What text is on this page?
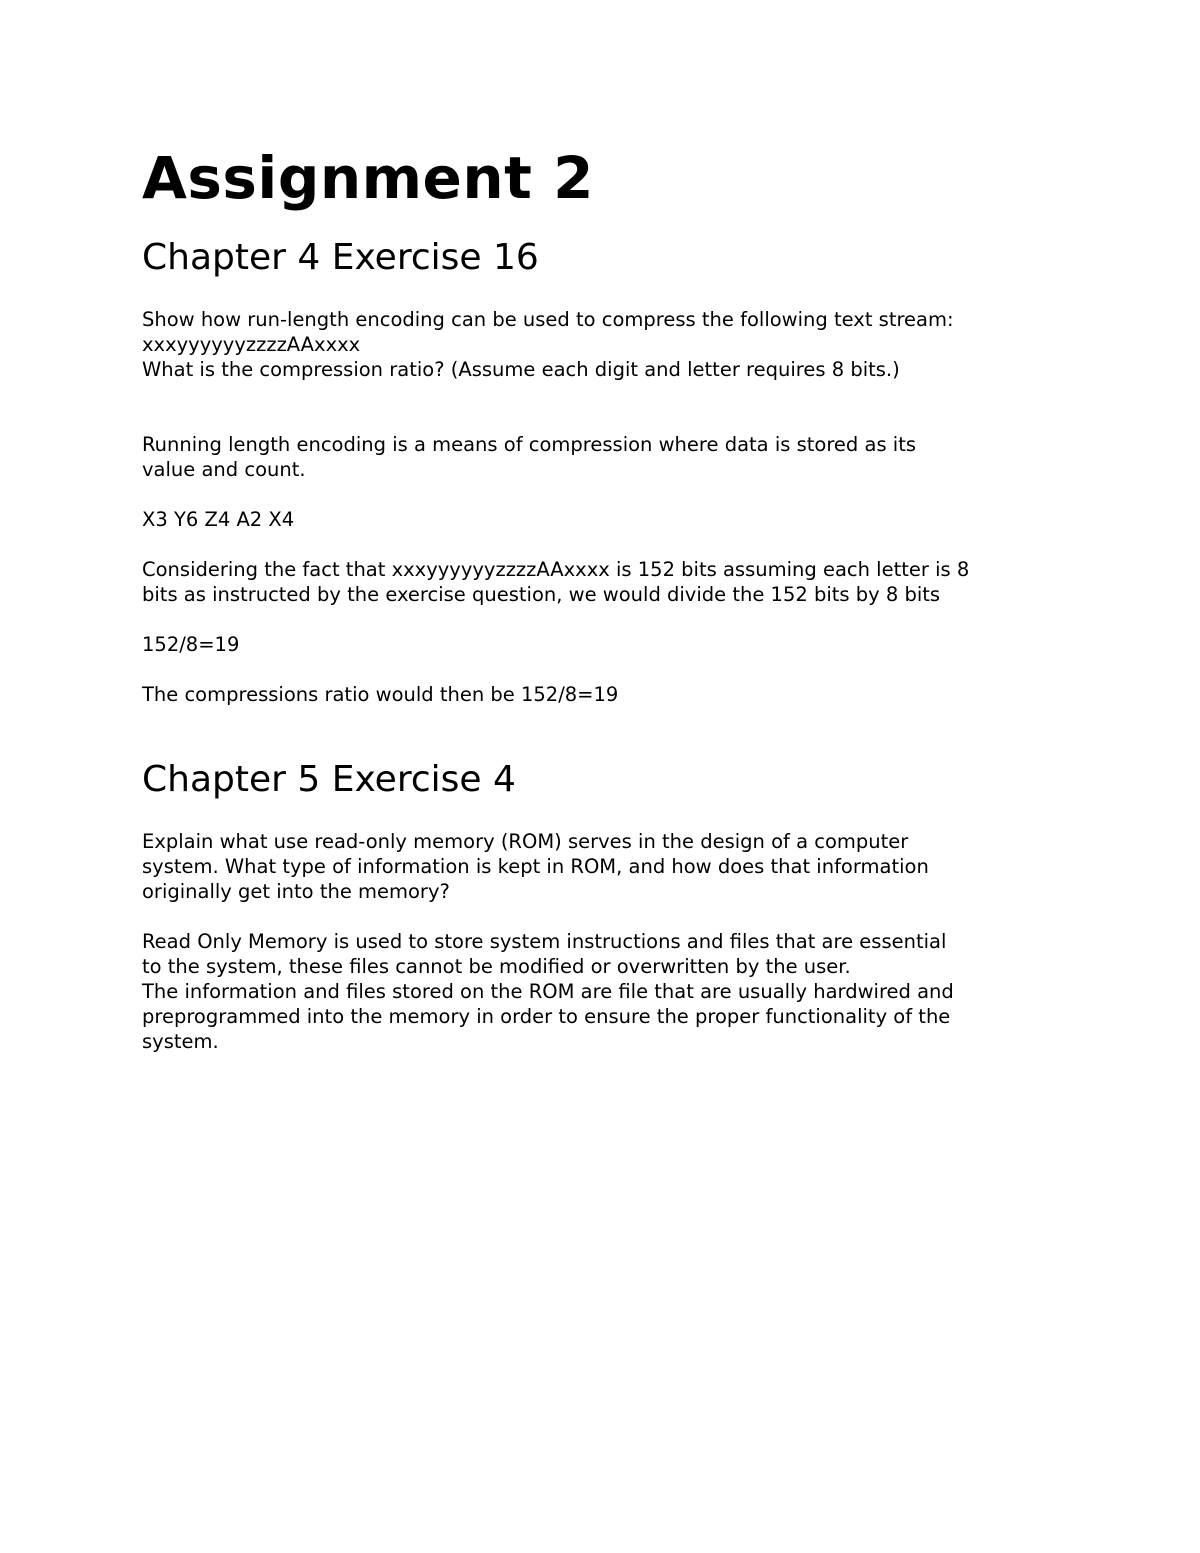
Assignment 2
Chapter 4 Exercise 16

Show how run-length encoding can be used to compress the following text stream:
xxxyyyyyyzzzzAAxxxx
What is the compression ratio? (Assume each digit and letter requires 8 bits.)

Running length encoding is a means of compression where data is stored as its
value and count.

X3 Y6 Z4 A2 X4

Considering the fact that xxxyyyyyyzzzzAAxxxx is 152 bits assuming each letter is 8
bits as instructed by the exercise question, we would divide the 152 bits by 8 bits

152/8=19

The compressions ratio would then be 152/8=19

Chapter 5 Exercise 4

Explain what use read-only memory (ROM) serves in the design of a computer
system. What type of information is kept in ROM, and how does that information
originally get into the memory?

Read Only Memory is used to store system instructions and files that are essential
to the system, these files cannot be modified or overwritten by the user.
The information and files stored on the ROM are file that are usually hardwired and
preprogrammed into the memory in order to ensure the proper functionality of the
system.
